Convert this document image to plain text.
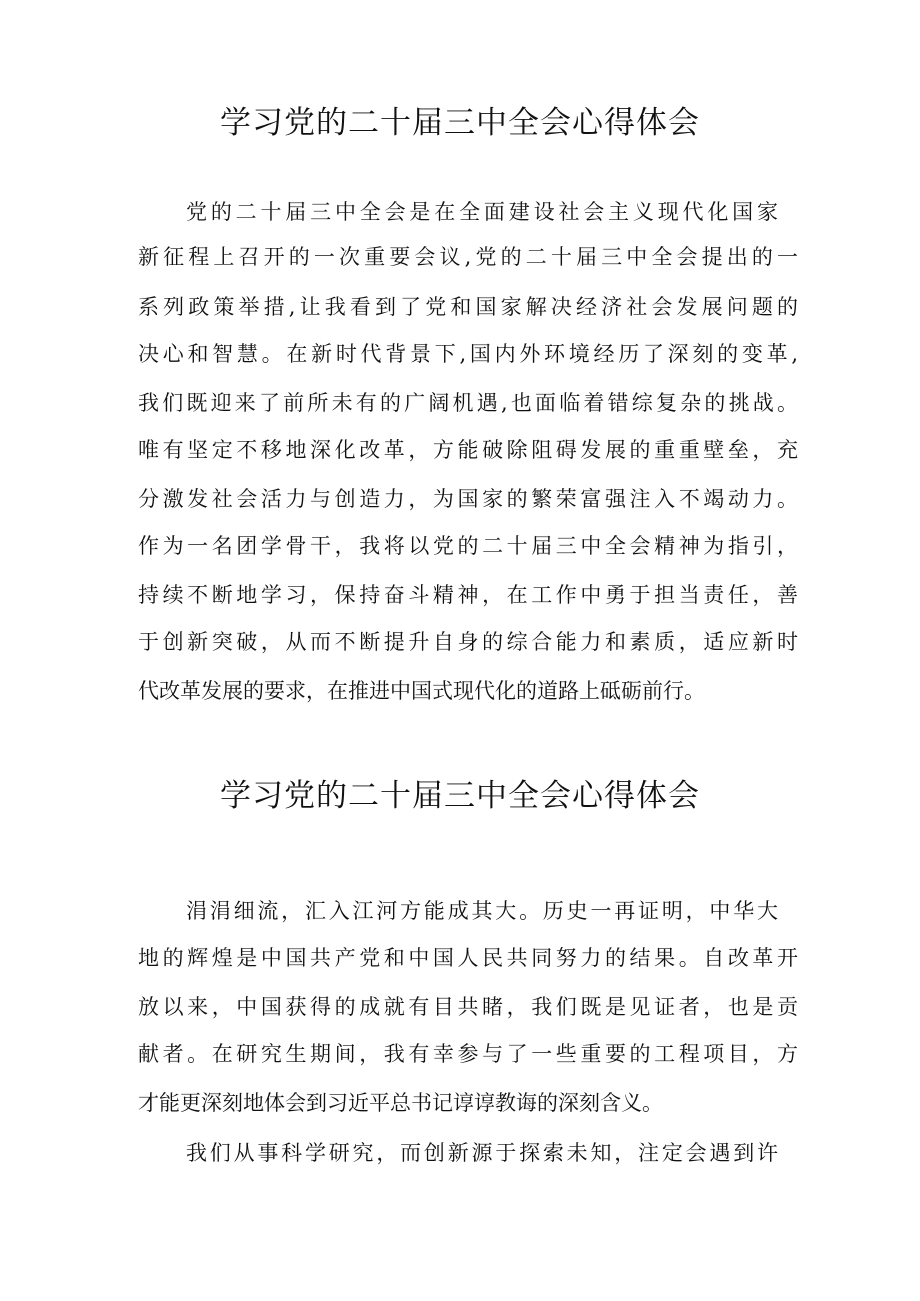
学习党的二十届三中全会心得体会
党的二十届三中全会是在全面建设社会主义现代化国家
新征程上召开的一次重要会议,党的二十届三中全会提出的一
系列政策举措,让我看到了党和国家解决经济社会发展问题的
决心和智慧。在新时代背景下,国内外环境经历了深刻的变革,
我们既迎来了前所未有的广阔机遇,也面临着错综复杂的挑战。
唯有坚定不移地深化改革，方能破除阻碍发展的重重壁垒，充
分激发社会活力与创造力，为国家的繁荣富强注入不竭动力。
作为一名团学骨干，我将以党的二十届三中全会精神为指引，
持续不断地学习，保持奋斗精神，在工作中勇于担当责任，善
于创新突破，从而不断提升自身的综合能力和素质，适应新时
代改革发展的要求，在推进中国式现代化的道路上砥砺前行。
学习党的二十届三中全会心得体会
涓涓细流，汇入江河方能成其大。历史一再证明，中华大
地的辉煌是中国共产党和中国人民共同努力的结果。自改革开
放以来，中国获得的成就有目共睹，我们既是见证者，也是贡
献者。在研究生期间，我有幸参与了一些重要的工程项目，方
才能更深刻地体会到习近平总书记谆谆教诲的深刻含义。
我们从事科学研究，而创新源于探索未知，注定会遇到许
